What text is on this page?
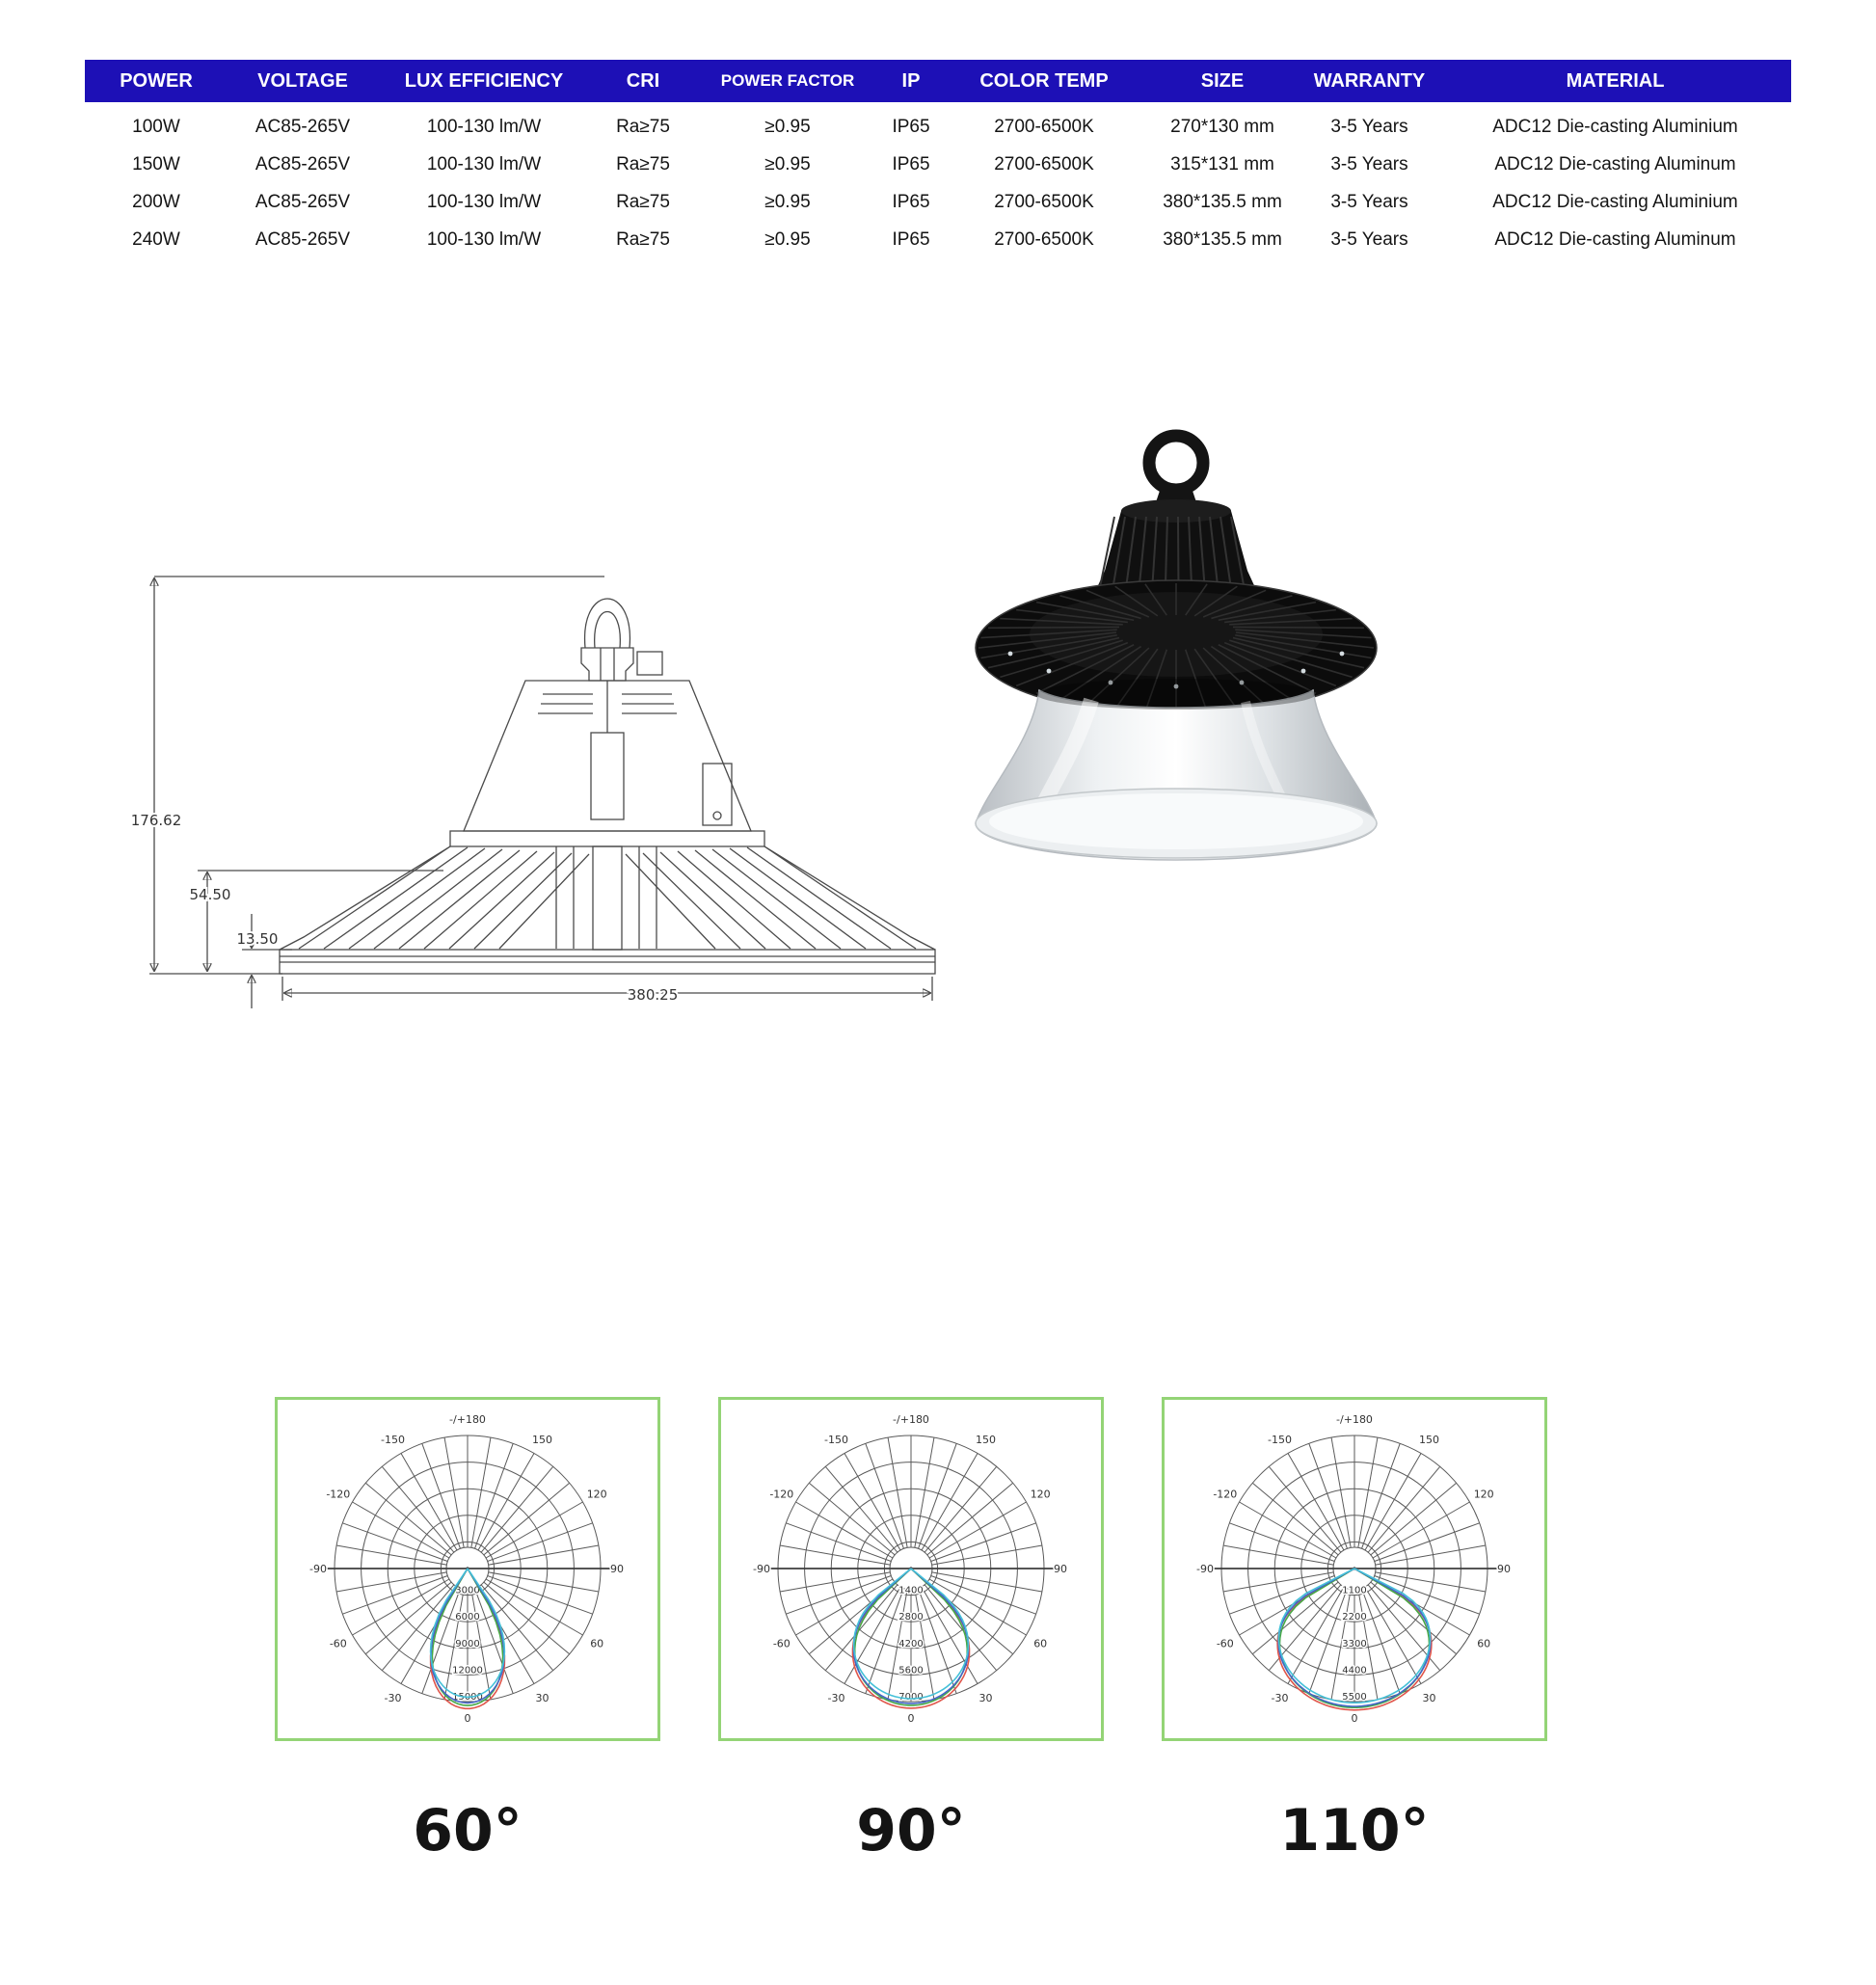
POWER	VOLTAGE	LUX EFFICIENCY	CRI	POWER FACTOR	IP	COLOR TEMP	SIZE	WARRANTY	MATERIAL
100W	AC85-265V	100-130 lm/W	Ra≥75	≥0.95	IP65	2700-6500K	270*130 mm	3-5 Years	ADC12 Die-casting Aluminium
150W	AC85-265V	100-130 lm/W	Ra≥75	≥0.95	IP65	2700-6500K	315*131 mm	3-5 Years	ADC12 Die-casting Aluminum
200W	AC85-265V	100-130 lm/W	Ra≥75	≥0.95	IP65	2700-6500K	380*135.5 mm	3-5 Years	ADC12 Die-casting Aluminium
240W	AC85-265V	100-130 lm/W	Ra≥75	≥0.95	IP65	2700-6500K	380*135.5 mm	3-5 Years	ADC12 Die-casting Aluminum
176.62
54.50
13.50
380.25
-/+180
150
-150
120
-120
90
-90
60
-60
30
-30
0
3000
6000
9000
12000
15000
60°
-/+180
150
-150
120
-120
90
-90
60
-60
30
-30
0
1400
2800
4200
5600
7000
90°
-/+180
150
-150
120
-120
90
-90
60
-60
30
-30
0
1100
2200
3300
4400
5500
110°
